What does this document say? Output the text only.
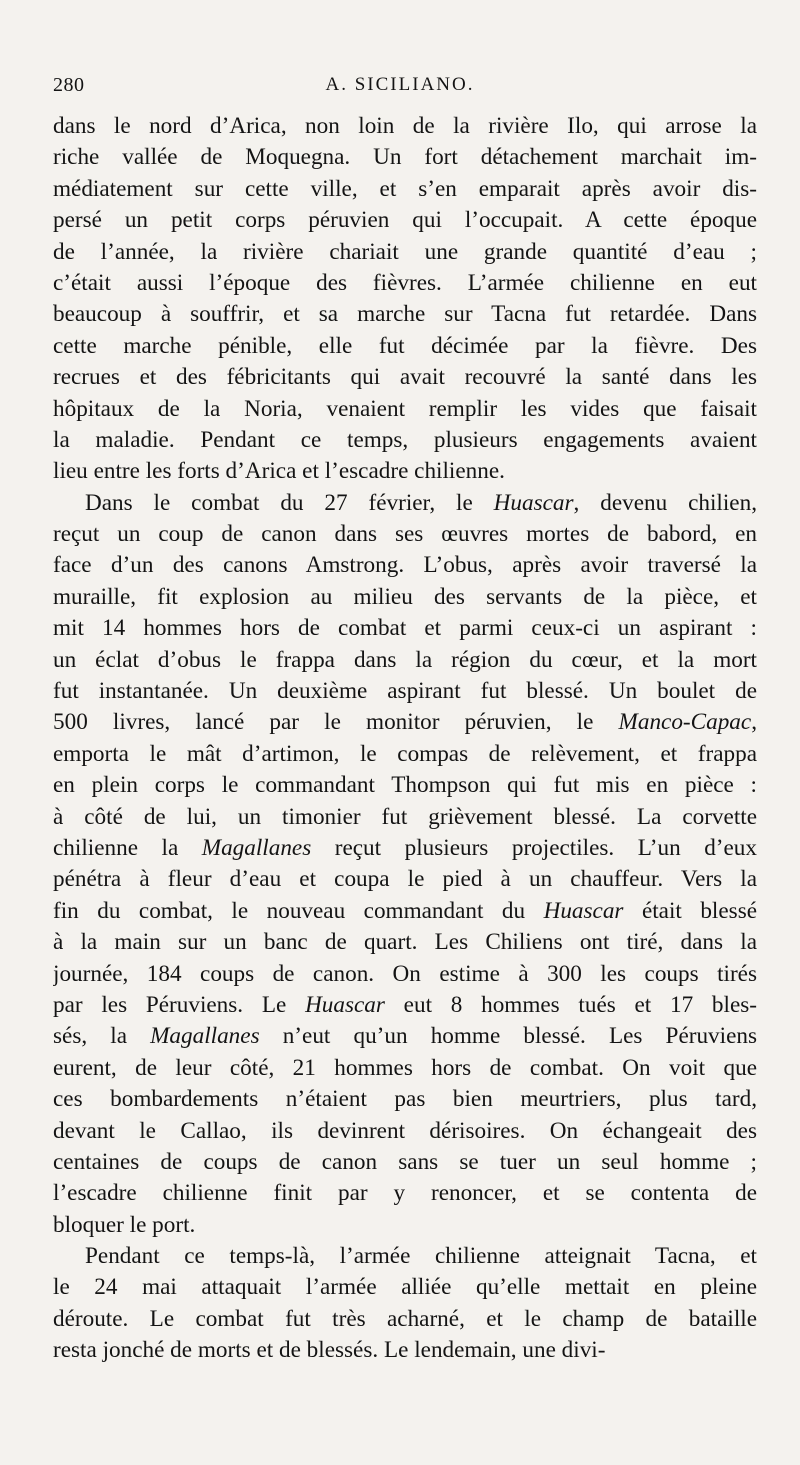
280	A. SICILIANO.
dans le nord d’Arica, non loin de la rivière Ilo, qui arrose la
riche vallée de Moquegna. Un fort détachement marchait im-
médiatement sur cette ville, et s’en emparait après avoir dis-
persé un petit corps péruvien qui l’occupait. A cette époque
de l’année, la rivière chariait une grande quantité d’eau ;
c’était aussi l’époque des fièvres. L’armée chilienne en eut
beaucoup à souffrir, et sa marche sur Tacna fut retardée. Dans
cette marche pénible, elle fut décimée par la fièvre. Des
recrues et des fébricitants qui avait recouvré la santé dans les
hôpitaux de la Noria, venaient remplir les vides que faisait
la maladie. Pendant ce temps, plusieurs engagements avaient
lieu entre les forts d’Arica et l’escadre chilienne.
Dans le combat du 27 février, le Huascar, devenu chilien,
reçut un coup de canon dans ses œuvres mortes de babord, en
face d’un des canons Amstrong. L’obus, après avoir traversé la
muraille, fit explosion au milieu des servants de la pièce, et
mit 14 hommes hors de combat et parmi ceux-ci un aspirant :
un éclat d’obus le frappa dans la région du cœur, et la mort
fut instantanée. Un deuxième aspirant fut blessé. Un boulet de
500 livres, lancé par le monitor péruvien, le Manco-Capac,
emporta le mât d’artimon, le compas de relèvement, et frappa
en plein corps le commandant Thompson qui fut mis en pièce :
à côté de lui, un timonier fut grièvement blessé. La corvette
chilienne la Magallanes reçut plusieurs projectiles. L’un d’eux
pénétra à fleur d’eau et coupa le pied à un chauffeur. Vers la
fin du combat, le nouveau commandant du Huascar était blessé
à la main sur un banc de quart. Les Chiliens ont tiré, dans la
journée, 184 coups de canon. On estime à 300 les coups tirés
par les Péruviens. Le Huascar eut 8 hommes tués et 17 bles-
sés, la Magallanes n’eut qu’un homme blessé. Les Péruviens
eurent, de leur côté, 21 hommes hors de combat. On voit que
ces bombardements n’étaient pas bien meurtriers, plus tard,
devant le Callao, ils devinrent dérisoires. On échangeait des
centaines de coups de canon sans se tuer un seul homme ;
l’escadre chilienne finit par y renoncer, et se contenta de
bloquer le port.
Pendant ce temps-là, l’armée chilienne atteignait Tacna, et
le 24 mai attaquait l’armée alliée qu’elle mettait en pleine
déroute. Le combat fut très acharné, et le champ de bataille
resta jonché de morts et de blessés. Le lendemain, une divi-
